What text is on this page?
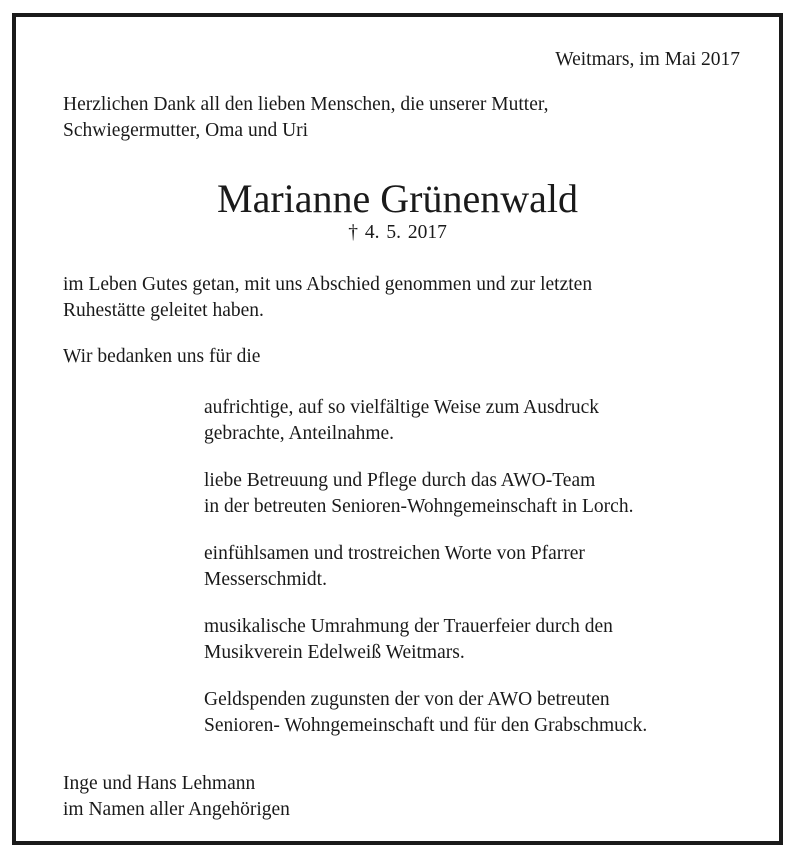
Weitmars, im Mai 2017
Herzlichen Dank all den lieben Menschen, die unserer Mutter,
Schwiegermutter, Oma und Uri
Marianne Grünenwald
† 4. 5. 2017
im Leben Gutes getan, mit uns Abschied genommen und zur letzten
Ruhestätte geleitet haben.
Wir bedanken uns für die
aufrichtige, auf so vielfältige Weise zum Ausdruck
gebrachte, Anteilnahme.
liebe Betreuung und Pflege durch das AWO-Team
in der betreuten Senioren-Wohngemeinschaft in Lorch.
einfühlsamen und trostreichen Worte von Pfarrer
Messerschmidt.
musikalische Umrahmung der Trauerfeier durch den
Musikverein Edelweiß Weitmars.
Geldspenden zugunsten der von der AWO betreuten
Senioren- Wohngemeinschaft und für den Grabschmuck.
Inge und Hans Lehmann
im Namen aller Angehörigen
